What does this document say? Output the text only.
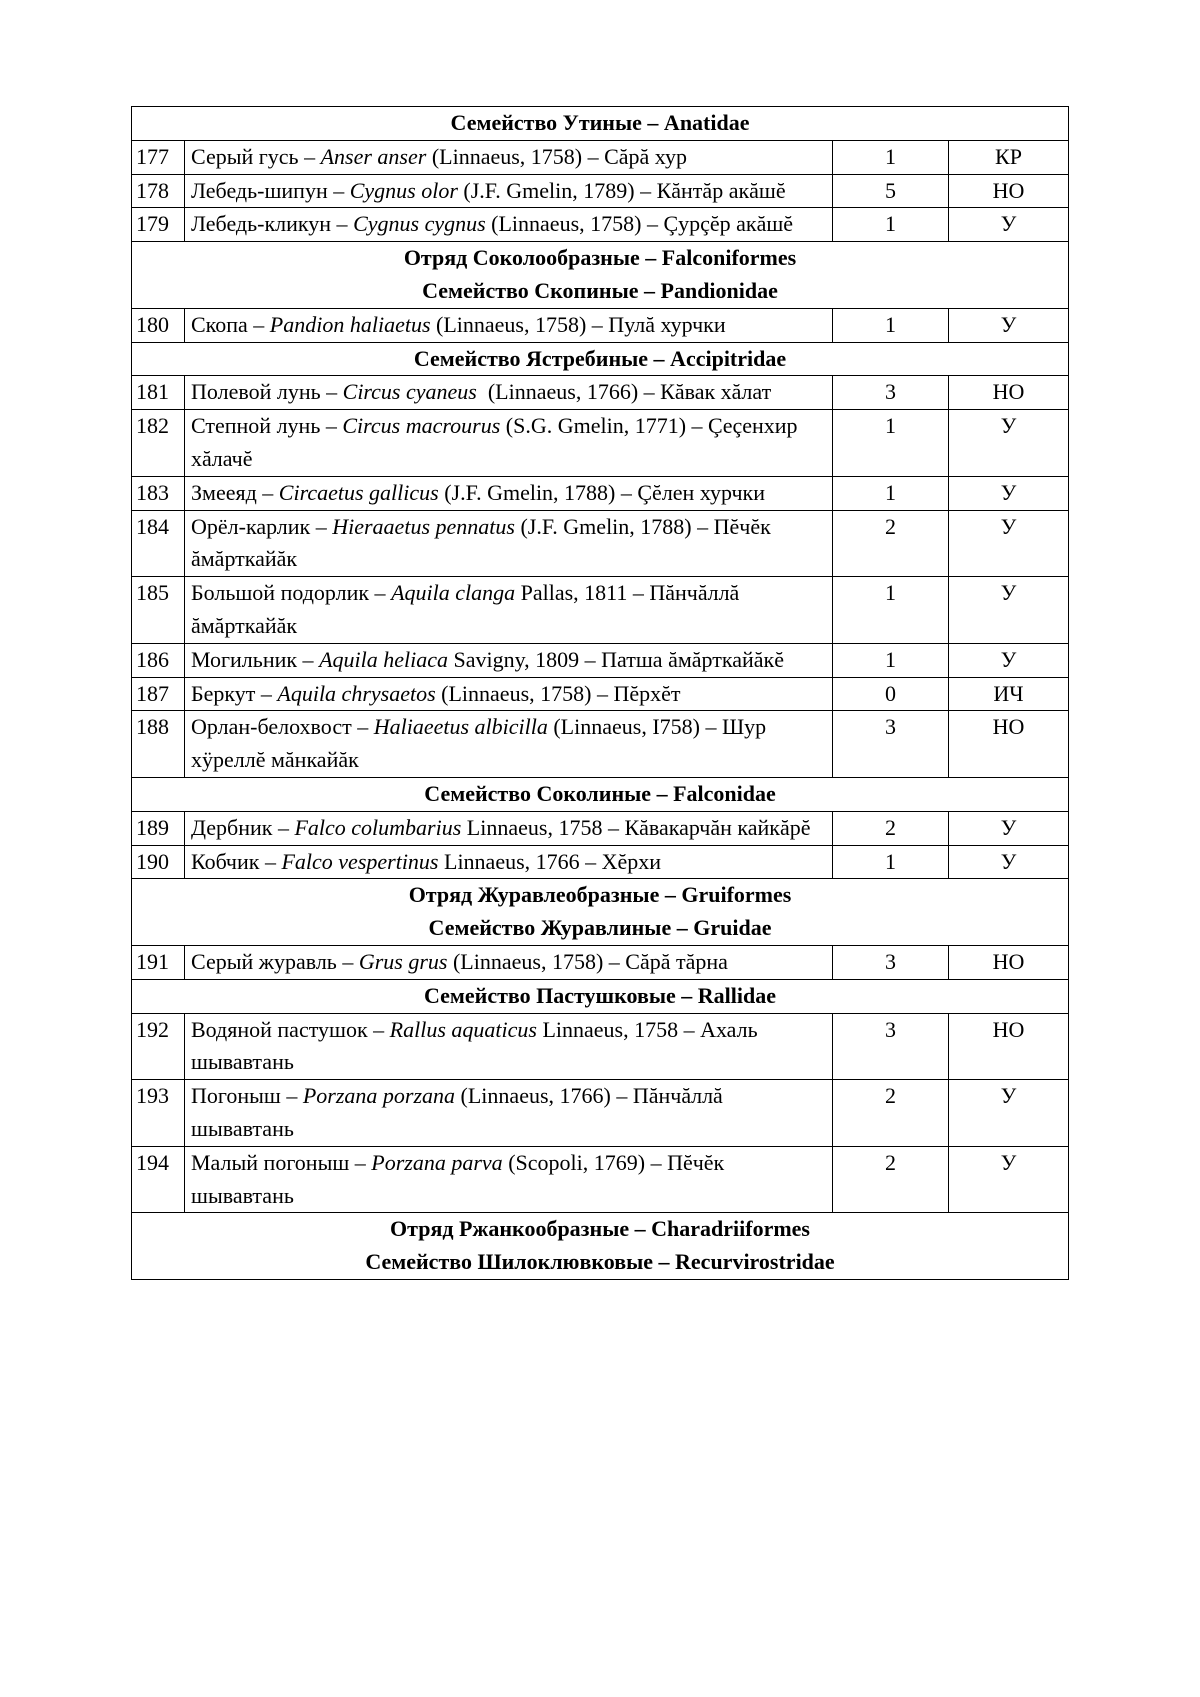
Семейство Утиные – Anatidae			

177	Серый гусь – Anser anser (Linnaeus, 1758) – Сăрă хур	1	КР
178	Лебедь-шипун – Cygnus olor (J.F. Gmelin, 1789) – Кăнтăр акăшĕ	5	НО
179	Лебедь-кликун – Cygnus cygnus (Linnaeus, 1758) – Çурçĕр акăшĕ	1	У

Отряд Соколообразные – Falconiformes
Семейство Скопиные – Pandionidae			

180	Скопа – Pandion haliaetus (Linnaeus, 1758) – Пулă хурчки	1	У

Семейство Ястребиные – Accipitridae			

181	Полевой лунь – Circus cyaneus  (Linnaeus, 1766) – Кăвак хăлат	3	НО
182	Степной лунь – Circus macrourus (S.G. Gmelin, 1771) – Çеçенхир хăлачĕ	1	У
183	Змееяд – Circaetus gallicus (J.F. Gmelin, 1788) – Çĕлен хурчки	1	У
184	Орёл-карлик – Hieraaetus pennatus (J.F. Gmelin, 1788) – Пĕчĕк ăмăрткайăк	2	У
185	Большой подорлик – Aquila clanga Pallas, 1811 – Пăнчăллă ăмăрткайăк	1	У
186	Могильник – Aquila heliaca Savigny, 1809 – Патша ăмăрткайăкĕ	1	У
187	Беркут – Aquila chrysaetos (Linnaeus, 1758) – Пĕрхĕт	0	ИЧ
188	Орлан-белохвост – Haliaeetus albicilla (Linnaeus, I758) – Шур хÿреллĕ мăнкайăк	3	НО

Семейство Соколиные – Falconidae			

189	Дербник – Falco columbarius Linnaeus, 1758 – Кăвакарчăн кайкăрĕ	2	У
190	Кобчик – Falco vespertinus Linnaeus, 1766 – Хĕрхи	1	У

Отряд Журавлеобразные – Gruiformes
Семейство Журавлиные – Gruidae			

191	Серый журавль – Grus grus (Linnaeus, 1758) – Сăрă тăрна	3	НО

Семейство Пастушковые – Rallidae			

192	Водяной пастушок – Rallus aquaticus Linnaeus, 1758 – Ахаль шывавтань	3	НО
193	Погоныш – Porzana porzana (Linnaeus, 1766) – Пăнчăллă шывавтань	2	У
194	Малый погоныш – Porzana parva (Scopoli, 1769) – Пĕчĕк шывавтань	2	У

Отряд Ржанкообразные – Charadriiformes
Семейство Шилоклювковые – Recurvirostridae			
